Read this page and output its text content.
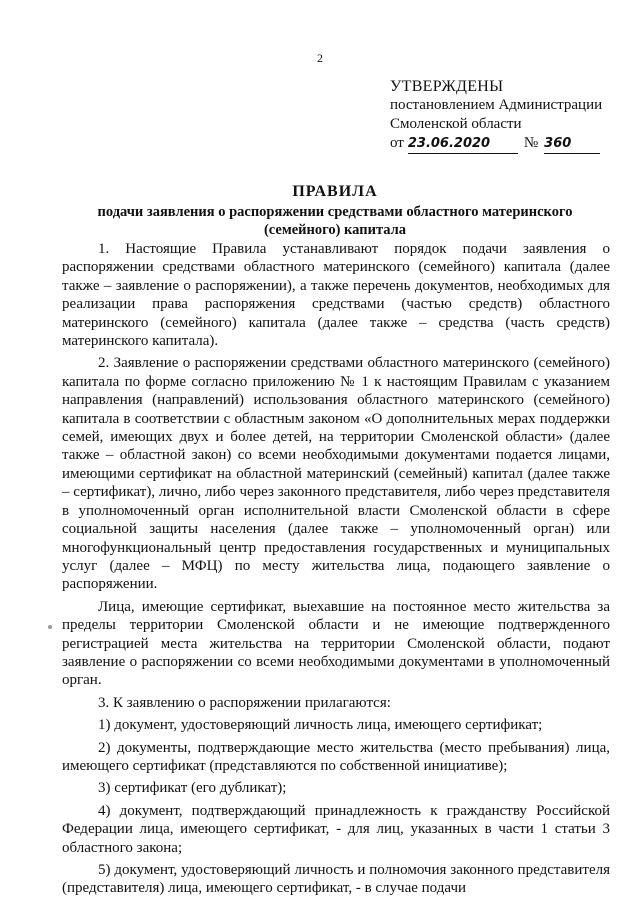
2
УТВЕРЖДЕНЫ
постановлением Администрации
Смоленской области
от 23.06.2020	№ 360
ПРАВИЛА
подачи заявления о распоряжении средствами областного материнского (семейного) капитала

1. Настоящие Правила устанавливают порядок подачи заявления о распоряжении средствами областного материнского (семейного) капитала (далее также – заявление о распоряжении), а также перечень документов, необходимых для реализации права распоряжения средствами (частью средств) областного материнского (семейного) капитала (далее также – средства (часть средств) материнского капитала).

2. Заявление о распоряжении средствами областного материнского (семейного) капитала по форме согласно приложению № 1 к настоящим Правилам с указанием направления (направлений) использования областного материнского (семейного) капитала в соответствии с областным законом «О дополнительных мерах поддержки семей, имеющих двух и более детей, на территории Смоленской области» (далее также – областной закон) со всеми необходимыми документами подается лицами, имеющими сертификат на областной материнский (семейный) капитал (далее также – сертификат), лично, либо через законного представителя, либо через представителя в уполномоченный орган исполнительной власти Смоленской области в сфере социальной защиты населения (далее также – уполномоченный орган) или многофункциональный центр предоставления государственных и муниципальных услуг (далее – МФЦ) по месту жительства лица, подающего заявление о распоряжении.

Лица, имеющие сертификат, выехавшие на постоянное место жительства за пределы территории Смоленской области и не имеющие подтвержденного регистрацией места жительства на территории Смоленской области, подают заявление о распоряжении со всеми необходимыми документами в уполномоченный орган.

3. К заявлению о распоряжении прилагаются:

1) документ, удостоверяющий личность лица, имеющего сертификат;

2) документы, подтверждающие место жительства (место пребывания) лица, имеющего сертификат (представляются по собственной инициативе);

3) сертификат (его дубликат);

4) документ, подтверждающий принадлежность к гражданству Российской Федерации лица, имеющего сертификат, - для лиц, указанных в части 1 статьи 3 областного закона;

5) документ, удостоверяющий личность и полномочия законного представителя (представителя) лица, имеющего сертификат, - в случае подачи
